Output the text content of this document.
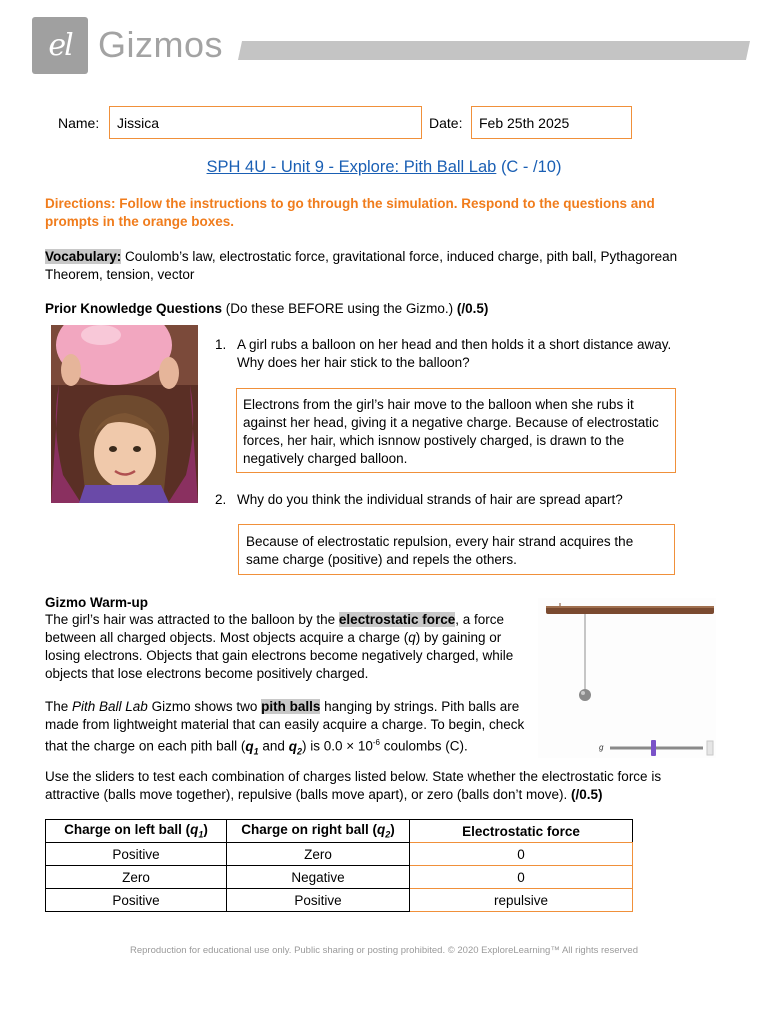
el Gizmos
Name:	Jissica	Date:	Feb 25th 2025
SPH 4U - Unit 9 - Explore: Pith Ball Lab (C - /10)
Directions: Follow the instructions to go through the simulation. Respond to the questions and prompts in the orange boxes.
Vocabulary: Coulomb’s law, electrostatic force, gravitational force, induced charge, pith ball, Pythagorean Theorem, tension, vector
Prior Knowledge Questions (Do these BEFORE using the Gizmo.) (/0.5)
1. A girl rubs a balloon on her head and then holds it a short distance away. Why does her hair stick to the balloon?
Electrons from the girl’s hair move to the balloon when she rubs it against her head, giving it a negative charge. Because of electrostatic forces, her hair, which isnnow postively charged, is drawn to the negatively charged balloon.
2. Why do you think the individual strands of hair are spread apart?
Because of electrostatic repulsion, every hair strand acquires the same charge (positive) and repels the others.
Gizmo Warm-up
The girl’s hair was attracted to the balloon by the electrostatic force, a force between all charged objects. Most objects acquire a charge (q) by gaining or losing electrons. Objects that gain electrons become negatively charged, while objects that lose electrons become positively charged.
The Pith Ball Lab Gizmo shows two pith balls hanging by strings. Pith balls are made from lightweight material that can easily acquire a charge. To begin, check that the charge on each pith ball ($q_1$ and $q_2$) is $0.0 \times 10^{-6}$ coulombs (C).	g
Use the sliders to test each combination of charges listed below. State whether the electrostatic force is attractive (balls move together), repulsive (balls move apart), or zero (balls don’t move). (/0.5)
Charge on left ball $(q_1)$	Charge on right ball $(q_2)$	Electrostatic force
Positive	Zero	0
Zero	Negative	0
Positive	Positive	repulsive
Reproduction for educational use only. Public sharing or posting prohibited. © 2020 ExploreLearning™ All rights reserved
